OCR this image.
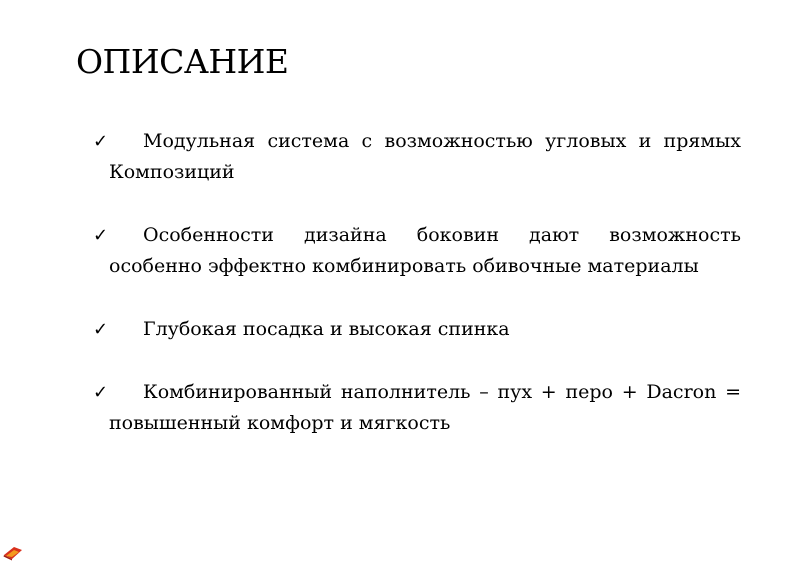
ОПИСАНИЕ
✓ Модульная система с возможностью угловых и прямых Композиций
✓ Особенности дизайна боковин дают возможность особенно эффектно комбинировать обивочные материалы
✓ Глубокая посадка и высокая спинка
✓ Комбинированный наполнитель – пух + перо + Dacron = повышенный комфорт и мягкость
